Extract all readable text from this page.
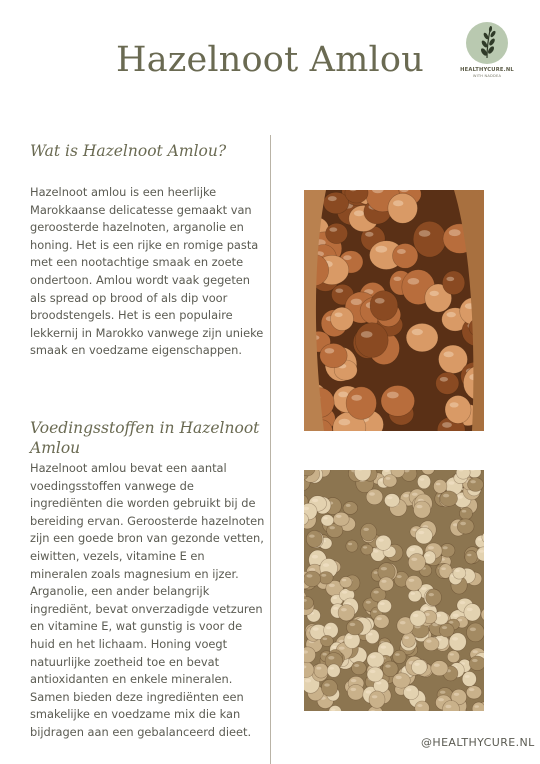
Hazelnoot Amlou	HEALTHYCURE.NL
WITH NADDEA
Wat is Hazelnoot Amlou?

Hazelnoot amlou is een heerlijke Marokkaanse delicatesse gemaakt van geroosterde hazelnoten, arganolie en honing. Het is een rijke en romige pasta met een nootachtige smaak en zoete ondertoon. Amlou wordt vaak gegeten als spread op brood of als dip voor broodstengels. Het is een populaire lekkernij in Marokko vanwege zijn unieke smaak en voedzame eigenschappen.

Voedingsstoffen in Hazelnoot Amlou

Hazelnoot amlou bevat een aantal voedingsstoffen vanwege de ingrediënten die worden gebruikt bij de bereiding ervan. Geroosterde hazelnoten zijn een goede bron van gezonde vetten, eiwitten, vezels, vitamine E en mineralen zoals magnesium en ijzer. Arganolie, een ander belangrijk ingrediënt, bevat onverzadigde vetzuren en vitamine E, wat gunstig is voor de huid en het lichaam. Honing voegt natuurlijke zoetheid toe en bevat antioxidanten en enkele mineralen. Samen bieden deze ingrediënten een smakelijke en voedzame mix die kan bijdragen aan een gebalanceerd dieet.

@HEALTHYCURE.NL
